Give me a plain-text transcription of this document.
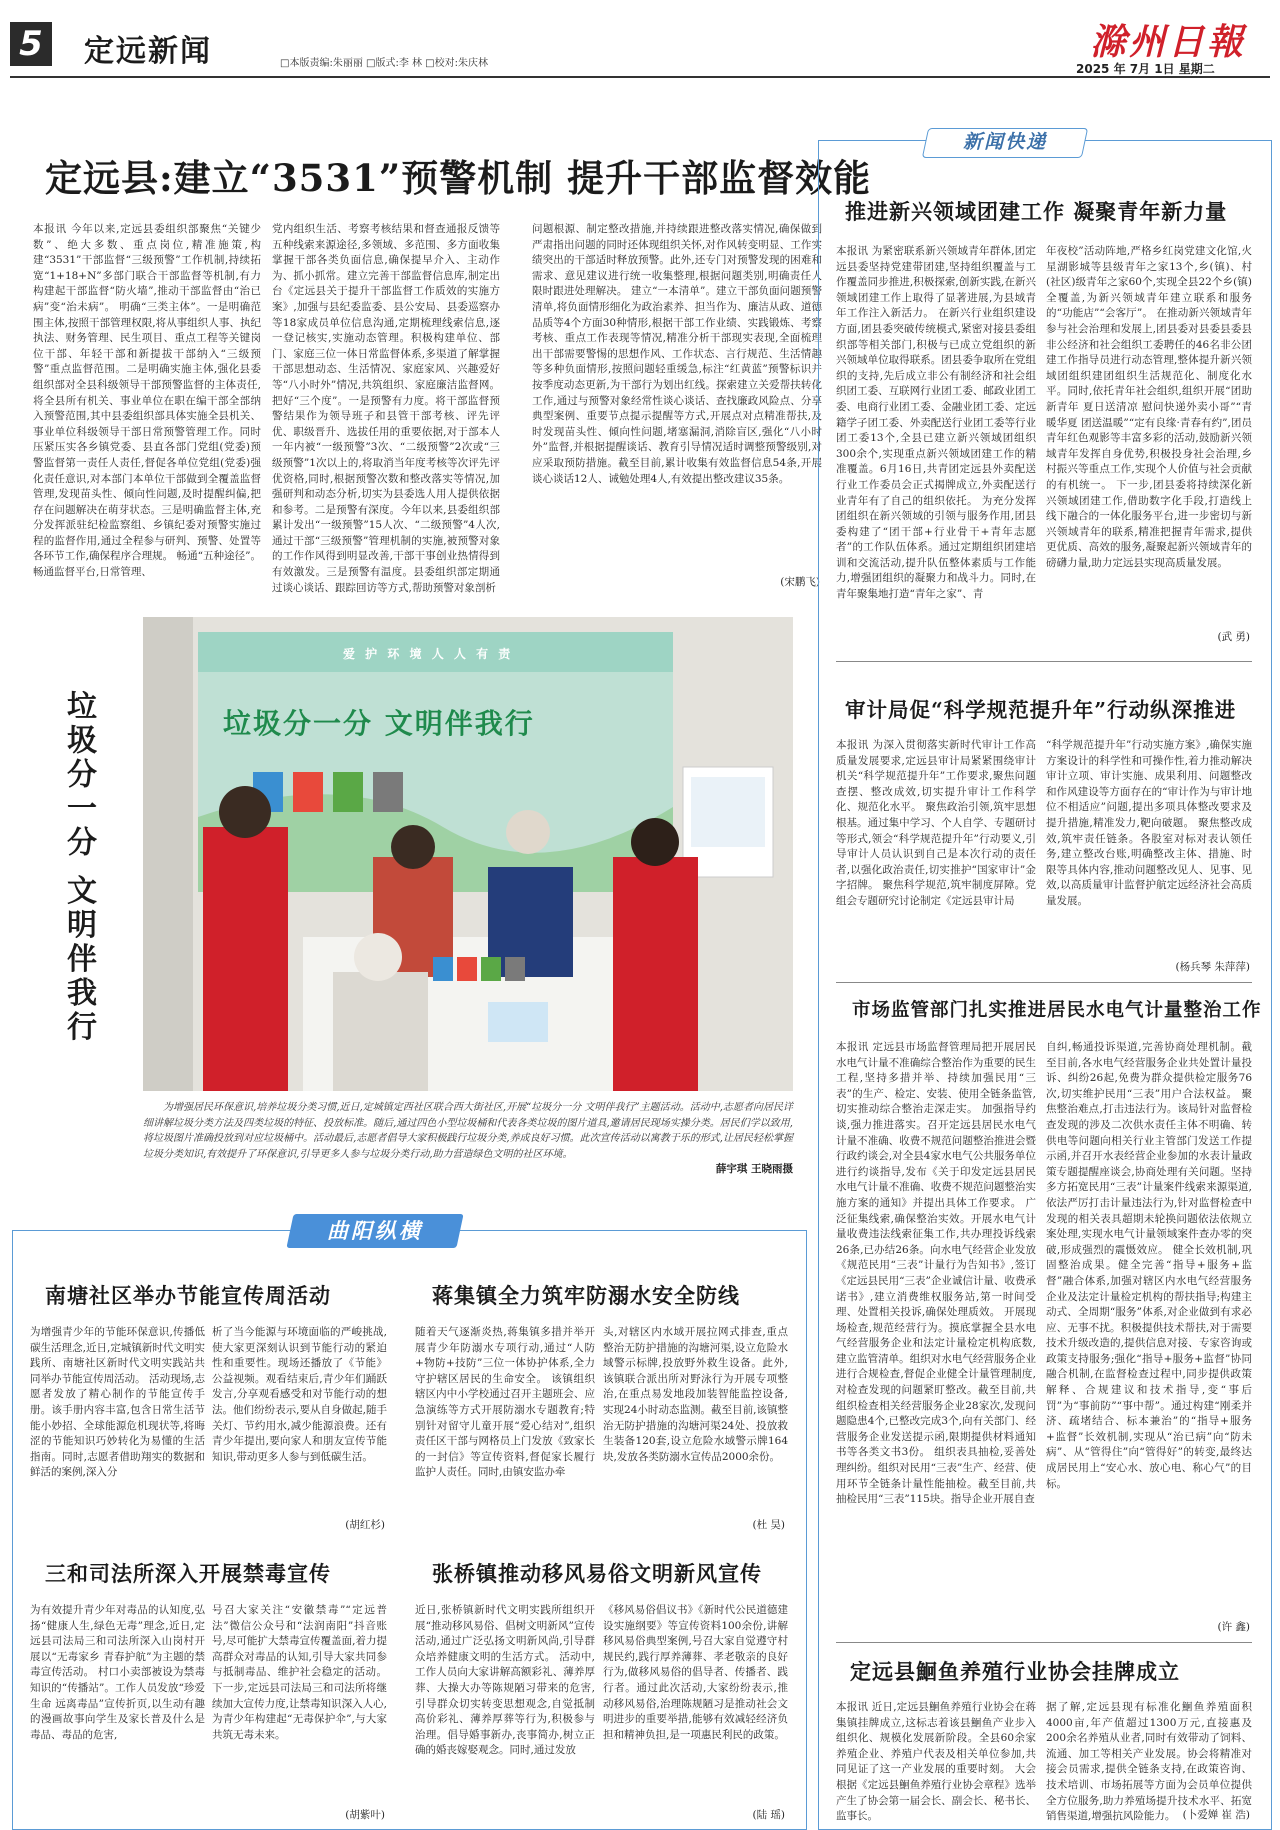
5	定远新闻	□本版责编:朱丽丽 □版式:李 林 □校对:朱庆林
滁州日報
2025 年 7月 1日 星期二
定远县:建立“3531”预警机制 提升干部监督效能
本报讯 今年以来,定远县委组织部聚焦“关键少数”、绝大多数、重点岗位,精准施策,构建“3531”干部监督“三级预警”工作机制,持续拓宽“1+18+N”多部门联合干部监督等机制,有力构建起干部监督“防火墙”,推动干部监督由“治已病”变“治未病”。 明确“三类主体”。一是明确范围主体,按照干部管理权限,将从事组织人事、执纪执法、财务管理、民生项目、重点工程等关键岗位干部、年轻干部和新提拔干部纳入“三级预警”重点监督范围。二是明确实施主体,强化县委组织部对全县科级领导干部预警监督的主体责任,将全县所有机关、事业单位在职在编干部全部纳入预警范围,其中县委组织部具体实施全县机关、事业单位科级领导干部日常预警管理工作。同时压紧压实各乡镇党委、县直各部门党组(党委)预警监督第一责任人责任,督促各单位党组(党委)强化责任意识,对本部门本单位干部做到全覆盖监督管理,发现苗头性、倾向性问题,及时提醒纠偏,把存在问题解决在萌芽状态。三是明确监督主体,充分发挥派驻纪检监察组、乡镇纪委对预警实施过程的监督作用,通过全程参与研判、预警、处置等各环节工作,确保程序合理规。 畅通“五种途径”。畅通监督平台,日常管理、
党内组织生活、考察考核结果和督查通报反馈等五种线索来源途径,多领域、多范围、多方面收集掌握干部各类负面信息,确保提早介入、主动作为、抓小抓常。建立完善干部监督信息库,制定出台《定远县关于提升干部监督工作质效的实施方案》,加强与县纪委监委、县公安局、县委巡察办等18家成员单位信息沟通,定期梳理线索信息,逐一登记核实,实施动态管理。积极构建单位、部门、家庭三位一体日常监督体系,多渠道了解掌握干部思想动态、生活情况、家庭家风、兴趣爱好等“八小时外”情况,共筑组织、家庭廉洁监督网。 把好“三个度”。一是预警有力度。将干部监督预警结果作为领导班子和县管干部考核、评先评优、职级晋升、选拔任用的重要依据,对于部本人一年内被“一级预警”3次、“二级预警”2次或“三级预警”1次以上的,将取消当年度考核等次评先评优资格,同时,根据预警次数和整改落实等情况,加强研判和动态分析,切实为县委选人用人提供依据和参考。二是预警有深度。今年以来,县委组织部累计发出“一级预警”15人次、“二级预警”4人次,通过干部“三级预警”管理机制的实施,被预警对象的工作作风得到明显改善,干部干事创业热情得到有效激发。三是预警有温度。县委组织部定期通过谈心谈话、跟踪回访等方式,帮助预警对象剖析
问题根源、制定整改措施,并持续跟进整改落实情况,确保做到严肃指出问题的同时还体现组织关怀,对作风转变明显、工作实绩突出的干部适时释放预警。此外,还专门对预警发现的困难和需求、意见建议进行统一收集整理,根据问题类别,明确责任人限时跟进处理解决。 建立“一本清单”。建立干部负面问题预警清单,将负面情形细化为政治素养、担当作为、廉洁从政、道德品质等4个方面30种情形,根据干部工作业绩、实践锻炼、考察考核、重点工作表现等情况,精准分析干部现实表现,全面梳理出干部需要警惕的思想作风、工作状态、言行规范、生活情趣等多种负面情形,按照问题轻重缓急,标注“红黄蓝”预警标识并按季度动态更新,为干部行为划出红线。探索建立关爱帮扶转化工作,通过与预警对象经常性谈心谈话、查找廉政风险点、分享典型案例、重要节点提示提醒等方式,开展点对点精准帮扶,及时发现苗头性、倾向性问题,堵塞漏洞,消除盲区,强化“八小时外”监督,并根据提醒谈话、教育引导情况适时调整预警级别,对应采取预防措施。截至目前,累计收集有效监督信息54条,开展谈心谈话12人、诫勉处理4人,有效提出整改建议35条。
(宋鹏飞)
垃圾分一分 文明伴我行
爱 护 环 境 人 人 有 责
垃圾分一分 文明伴我行
为增强居民环保意识,培养垃圾分类习惯,近日,定城镇定西社区联合西大街社区,开展“垃圾分一分 文明伴我行”主题活动。活动中,志愿者向居民详细讲解垃圾分类方法及四类垃圾的特征、投放标准。随后,通过四色小型垃圾桶和代表各类垃圾的图片道具,邀请居民现场实操分类。居民们学以致用,将垃圾图片准确投放到对应垃圾桶中。活动最后,志愿者倡导大家积极践行垃圾分类,养成良好习惯。此次宣传活动以寓教于乐的形式,让居民轻松掌握垃圾分类知识,有效提升了环保意识,引导更多人参与垃圾分类行动,助力营造绿色文明的社区环境。
薛宇琪 王晓雨摄
新闻快递
推进新兴领域团建工作 凝聚青年新力量
本报讯 为紧密联系新兴领域青年群体,团定远县委坚持党建带团建,坚持组织覆盖与工作覆盖同步推进,积极探索,创新实践,在新兴领域团建工作上取得了显著进展,为县域青年工作注入新活力。 在新兴行业组织建设方面,团县委突破传统模式,紧密对接县委组织部等相关部门,积极与已成立党组织的新兴领域单位取得联系。团县委争取所在党组织的支持,先后成立非公有制经济和社会组织团工委、互联网行业团工委、邮政业团工委、电商行业团工委、金融业团工委、定远籍学子团工委、外卖配送行业团工委等行业团工委13个,全县已建立新兴领域团组织300余个,实现重点新兴领域团建工作的精准覆盖。6月16日,共青团定远县外卖配送行业工作委员会正式揭牌成立,外卖配送行业青年有了自己的组织依托。 为充分发挥团组织在新兴领域的引领与服务作用,团县委构建了“团干部+行业骨干+青年志愿者”的工作队伍体系。通过定期组织团建培训和交流活动,提升队伍整体素质与工作能力,增强团组织的凝聚力和战斗力。同时,在青年聚集地打造“青年之家”、青
年夜校”活动阵地,严格乡红岗党建文化馆,火星湖影城等县级青年之家13个,乡(镇)、村(社区)级青年之家60个,实现全县22个乡(镇)全覆盖,为新兴领域青年建立联系和服务的“功能店”“会客厅”。 在推动新兴领域青年参与社会治理和发展上,团县委对县委县委县非公经济和社会组织工委聘任的46名非公团建工作指导员进行动态管理,整体提升新兴领域团组织建团组织生活规范化、制度化水平。同时,依托青年社会组织,组织开展“团助新青年 夏日送清凉 慰问快递外卖小哥”“青暖华夏 团送温暖”“定有良缘·青春有约”,团员青年红色观影等丰富多彩的活动,鼓励新兴领域青年发挥自身优势,积极投身社会治理,乡村振兴等重点工作,实现个人价值与社会贡献的有机统一。 下一步,团县委将持续深化新兴领域团建工作,借助数字化手段,打造线上线下融合的一体化服务平台,进一步密切与新兴领域青年的联系,精准把握青年需求,提供更优质、高效的服务,凝聚起新兴领域青年的磅礴力量,助力定远县实现高质量发展。
(武 勇)
审计局促“科学规范提升年”行动纵深推进
本报讯 为深入贯彻落实新时代审计工作高质量发展要求,定远县审计局紧紧围绕审计机关“科学规范提升年”工作要求,聚焦问题查摆、整改成效,切实提升审计工作科学化、规范化水平。 聚焦政治引领,筑牢思想根基。通过集中学习、个人自学、专题研讨等形式,领会“科学规范提升年”行动要义,引导审计人员认识到自己是本次行动的责任者,以强化政治责任,切实推护“国家审计”金字招牌。 聚焦科学规范,筑牢制度屏障。党组会专题研究讨论制定《定远县审计局
“科学规范提升年”行动实施方案》,确保实施方案设计的科学性和可操作性,着力推动解决审计立项、审计实施、成果利用、问题整改和作风建设等方面存在的“审计作为与审计地位不相适应”问题,提出多项具体整改要求及提升措施,精准发力,靶向破题。 聚焦整改成效,筑牢责任链条。各股室对标对表认领任务,建立整改台账,明确整改主体、措施、时限等具体内容,推动问题整改见人、见事、见效,以高质量审计监督护航定远经济社会高质量发展。
(杨兵琴 朱萍萍)
市场监管部门扎实推进居民水电气计量整治工作
本报讯 定远县市场监督管理局把开展居民水电气计量不准确综合整治作为重要的民生工程,坚持多措并举、持续加强民用“三表”的生产、检定、安装、使用全链条监管,切实推动综合整治走深走实。 加强指导约谈,强力推进落实。召开定远县居民水电气计量不准确、收费不规范问题整治推进会暨行政约谈会,对全县4家水电气公共服务单位进行约谈指导,发布《关于印发定远县居民水电气计量不准确、收费不规范问题整治实施方案的通知》并提出具体工作要求。 广泛征集线索,确保整治实效。开展水电气计量收费违法线索征集工作,共办理投诉线索26条,已办结26条。向水电气经营企业发放《规范民用“三表”计量行为告知书》,签订《定远县民用“三表”企业诚信计量、收费承诺书》,建立消费维权服务站,第一时间受理、处置相关投诉,确保处理质效。 开展现场检查,规范经营行为。摸底掌握全县水电气经营服务企业和法定计量检定机构底数,建立监管清单。组织对水电气经营服务企业进行合规检查,督促企业健全计量管理制度,对检查发现的问题紧盯整改。截至目前,共组织检查相关经营服务企业28家次,发现问题隐患4个,已整改完成3个,向有关部门、经营服务企业发送提示函,限期提供材料通知书等各类文书3份。 组织表具抽检,妥善处理纠纷。组织对民用“三表”生产、经营、使用环节全链条计量性能抽检。截至目前,共抽检民用“三表”115块。指导企业开展自查
自纠,畅通投诉渠道,完善协商处理机制。截至目前,各水电气经营服务企业共处置计量投诉、纠纷26起,免费为群众提供检定服务76次,切实维护民用“三表”用户合法权益。 聚焦整治难点,打击违法行为。该局针对监督检查发现的涉及二次供水责任主体不明确、转供电等问题向相关行业主管部门发送工作提示函,并召开水表经营企业参加的水表计量政策专题提醒座谈会,协商处理有关问题。坚持多方拓宽民用“三表”计量案件线索来源渠道,依法严厉打击计量违法行为,针对监督检查中发现的相关表具超期未轮换问题依法依规立案处理,实现水电气计量领域案件查办零的突破,形成强烈的震慑效应。 健全长效机制,巩固整治成果。健全完善“指导+服务+监督”融合体系,加强对辖区内水电气经营服务企业及法定计量检定机构的帮扶指导;构建主动式、全周期“服务”体系,对企业做到有求必应、无事不扰。积极提供技术帮扶,对于需要技术升级改造的,提供信息对接、专家咨询或政策支持服务;强化“指导+服务+监督”协同融合机制,在监督检查过程中,同步提供政策解释、合规建议和技术指导,变“事后罚”为“事前防”“事中帮”。通过构建“刚柔并济、疏堵结合、标本兼治”的“指导+服务+监督”长效机制,实现从“治已病”向“防未病”、从“管得住”向“管得好”的转变,最终达成居民用上“安心水、放心电、称心气”的目标。
(许 鑫)
定远县鮰鱼养殖行业协会挂牌成立
本报讯 近日,定远县鮰鱼养殖行业协会在蒋集镇挂牌成立,这标志着该县鮰鱼产业步入组织化、规模化发展新阶段。全县60余家养殖企业、养殖户代表及相关单位参加,共同见证了这一产业发展的重要时刻。 大会根据《定远县鮰鱼养殖行业协会章程》选举产生了协会第一届会长、副会长、秘书长、监事长。
据了解,定远县现有标准化鮰鱼养殖面积4000亩,年产值超过1300万元,直接惠及200余名养殖从业者,同时有效带动了饲料、流通、加工等相关产业发展。协会将精准对接会员需求,提供全链条支持,在政策咨询、技术培训、市场拓展等方面为会员单位提供全方位服务,助力养殖场提升技术水平、拓宽销售渠道,增强抗风险能力。 (卜爱婵 崔 浩)
曲阳纵横
南塘社区举办节能宣传周活动
为增强青少年的节能环保意识,传播低碳生活理念,近日,定城镇新时代文明实践所、南塘社区新时代文明实践站共同举办节能宣传周活动。 活动现场,志愿者发放了精心制作的节能宣传手册。该手册内容丰富,包含日常生活节能小妙招、全球能源危机现状等,将晦涩的节能知识巧妙转化为易懂的生活指南。同时,志愿者借助翔实的数据和鲜活的案例,深入分
析了当今能源与环境面临的严峻挑战,使大家更深刻认识到节能行动的紧迫性和重要性。现场还播放了《节能》公益视频。观看结束后,青少年们踊跃发言,分享观看感受和对节能行动的想法。他们纷纷表示,要从自身做起,随手关灯、节约用水,减少能源浪费。还有青少年提出,要向家人和朋友宣传节能知识,带动更多人参与到低碳生活。
(胡红杉)
蒋集镇全力筑牢防溺水安全防线
随着天气逐渐炎热,蒋集镇多措并举开展青少年防溺水专项行动,通过“人防+物防+技防”三位一体协护体系,全力守护辖区居民的生命安全。 该镇组织辖区内中小学校通过召开主题班会、应急演练等方式开展防溺水专题教育;特别针对留守儿童开展“爱心结对”,组织责任区干部与网格员上门发放《致家长的一封信》等宣传资料,督促家长履行监护人责任。同时,由镇安监办牵
头,对辖区内水域开展拉网式排查,重点整治无防护措施的沟塘河渠,设立危险水域警示标牌,投放野外救生设备。此外,该镇联合派出所对野泳行为开展专项整治,在重点易发地段加装智能监控设备,实现24小时动态监测。截至目前,该镇整治无防护措施的沟塘河渠24处、投放救生装备120套,设立危险水域警示牌164块,发放各类防溺水宣传品2000余份。
(杜 昊)
三和司法所深入开展禁毒宣传
为有效提升青少年对毒品的认知度,弘扬“健康人生,绿色无毒”理念,近日,定远县司法局三和司法所深入山岗村开展以“无毒家乡 青春护航”为主题的禁毒宣传活动。 村口小卖部被设为禁毒知识的“传播站”。工作人员发放“珍爱生命 远离毒品”宣传折页,以生动有趣的漫画故事向学生及家长普及什么是毒品、毒品的危害,
号召大家关注“安徽禁毒”“定远普法”微信公众号和“法润南阳”抖音账号,尽可能扩大禁毒宣传覆盖面,着力提高群众对毒品的认知,引导大家共同参与抵制毒品、维护社会稳定的活动。下一步,定远县司法局三和司法所将继续加大宣传力度,让禁毒知识深入人心,为青少年构建起“无毒保护伞”,与大家共筑无毒未来。
(胡紫叶)
张桥镇推动移风易俗文明新风宣传
近日,张桥镇新时代文明实践所组织开展“推动移风易俗、倡树文明新风”宣传活动,通过广泛弘扬文明新风尚,引导群众培养健康文明的生活方式。 活动中,工作人员向大家讲解高额彩礼、薄养厚葬、大操大办等陈规陋习带来的危害,引导群众切实转变思想观念,自觉抵制高价彩礼、薄养厚葬等行为,积极参与治理。倡导婚事新办,丧事简办,树立正确的婚丧嫁娶观念。同时,通过发放
《移风易俗倡议书》《新时代公民道德建设实施纲要》等宣传资料100余份,讲解移风易俗典型案例,号召大家自觉遵守村规民约,践行厚养薄葬、孝老敬亲的良好行为,做移风易俗的倡导者、传播者、践行者。通过此次活动,大家纷纷表示,推动移风易俗,治理陈规陋习是推动社会文明进步的重要举措,能够有效减轻经济负担和精神负担,是一项惠民利民的政策。
(陆 瑶)
